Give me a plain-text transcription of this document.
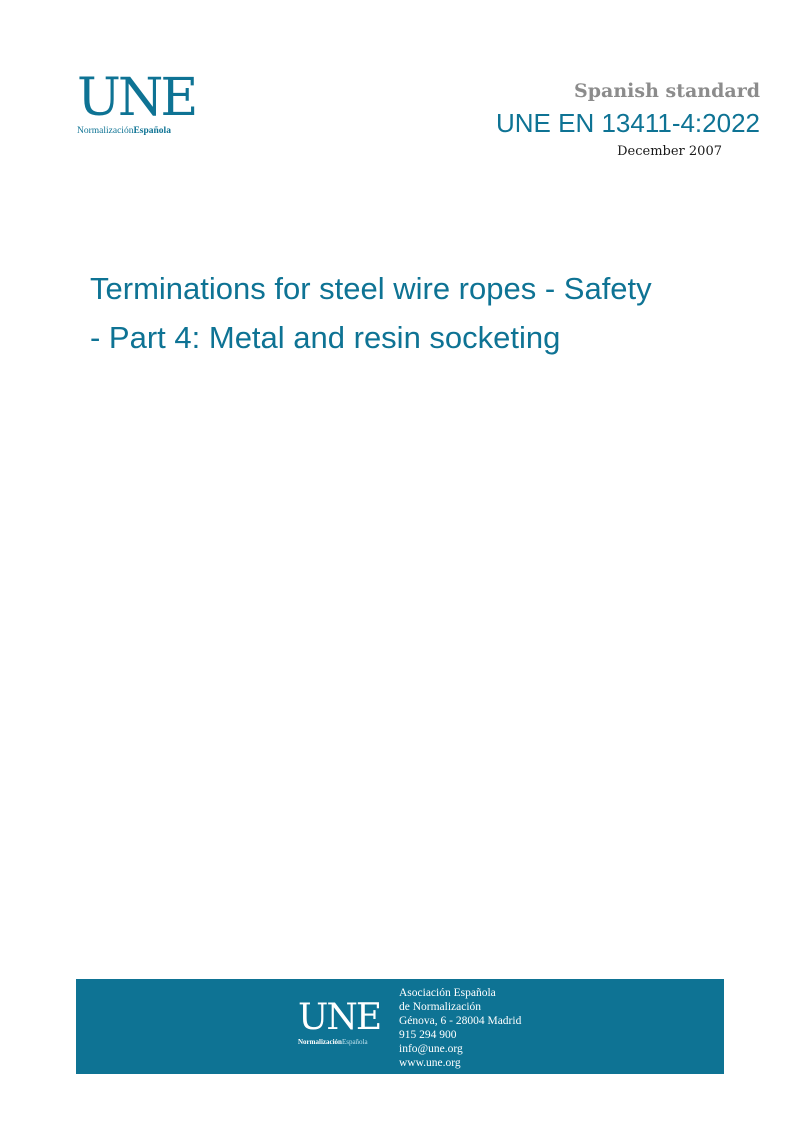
UNE
NormalizaciónEspañola
Spanish standard
UNE EN 13411-4:2022
December 2007
Terminations for steel wire ropes - Safety
- Part 4: Metal and resin socketing
UNE
NormalizaciónEspañola
Asociación Española
de Normalización
Génova, 6 - 28004 Madrid
915 294 900
info@une.org
www.une.org
